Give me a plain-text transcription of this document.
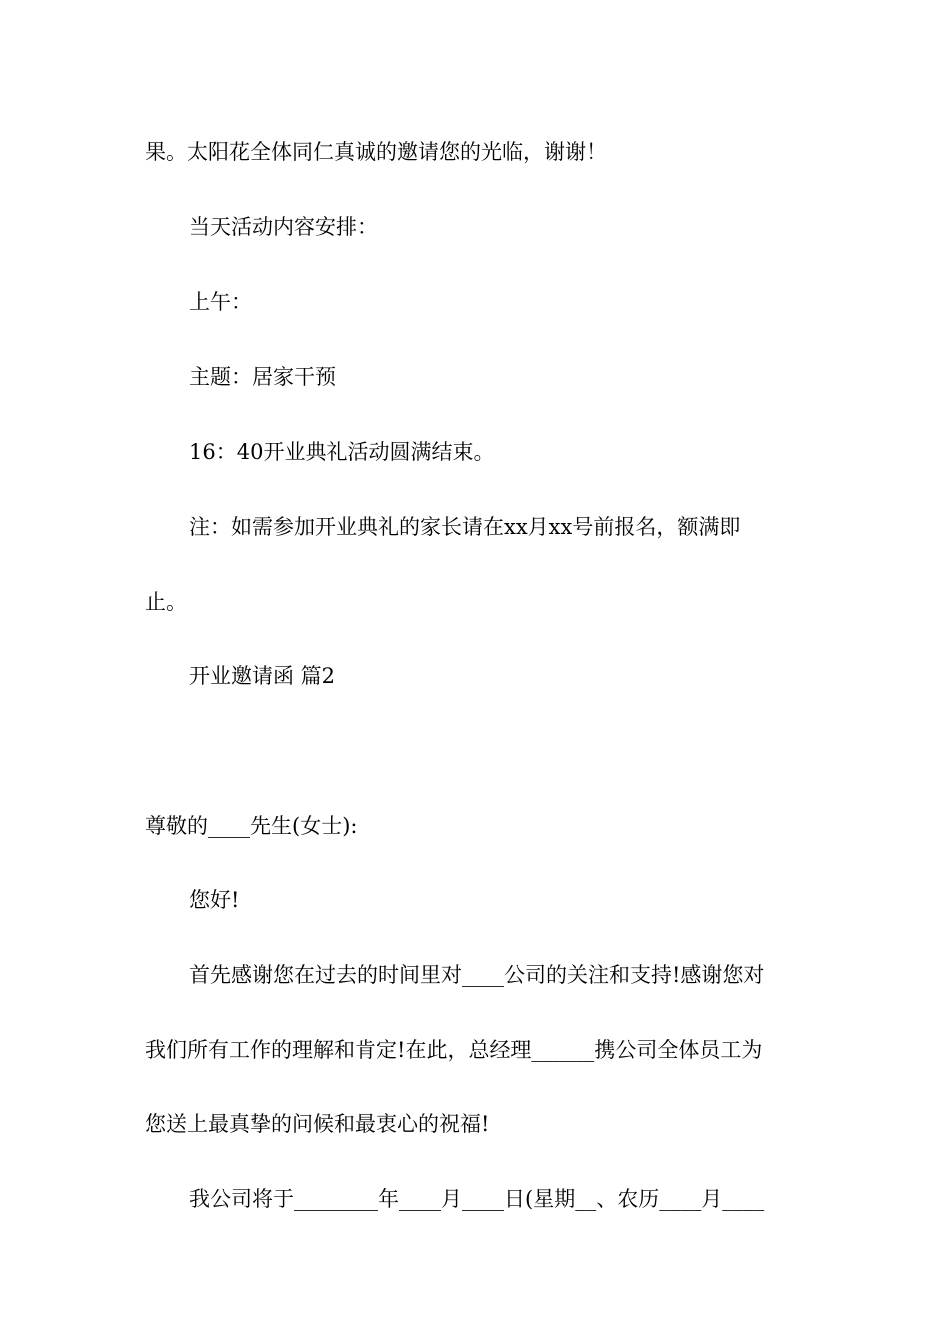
果。太阳花全体同仁真诚的邀请您的光临，谢谢！
当天活动内容安排：
上午：
主题：居家干预
16：40开业典礼活动圆满结束。
注：如需参加开业典礼的家长请在xx月xx号前报名，额满即
止。
开业邀请函 篇2
尊敬的____先生(女士):
您好!
首先感谢您在过去的时间里对____公司的关注和支持!感谢您对
我们所有工作的理解和肯定!在此，总经理______携公司全体员工为
您送上最真挚的问候和最衷心的祝福!
我公司将于________年____月____日(星期__、农历____月____
